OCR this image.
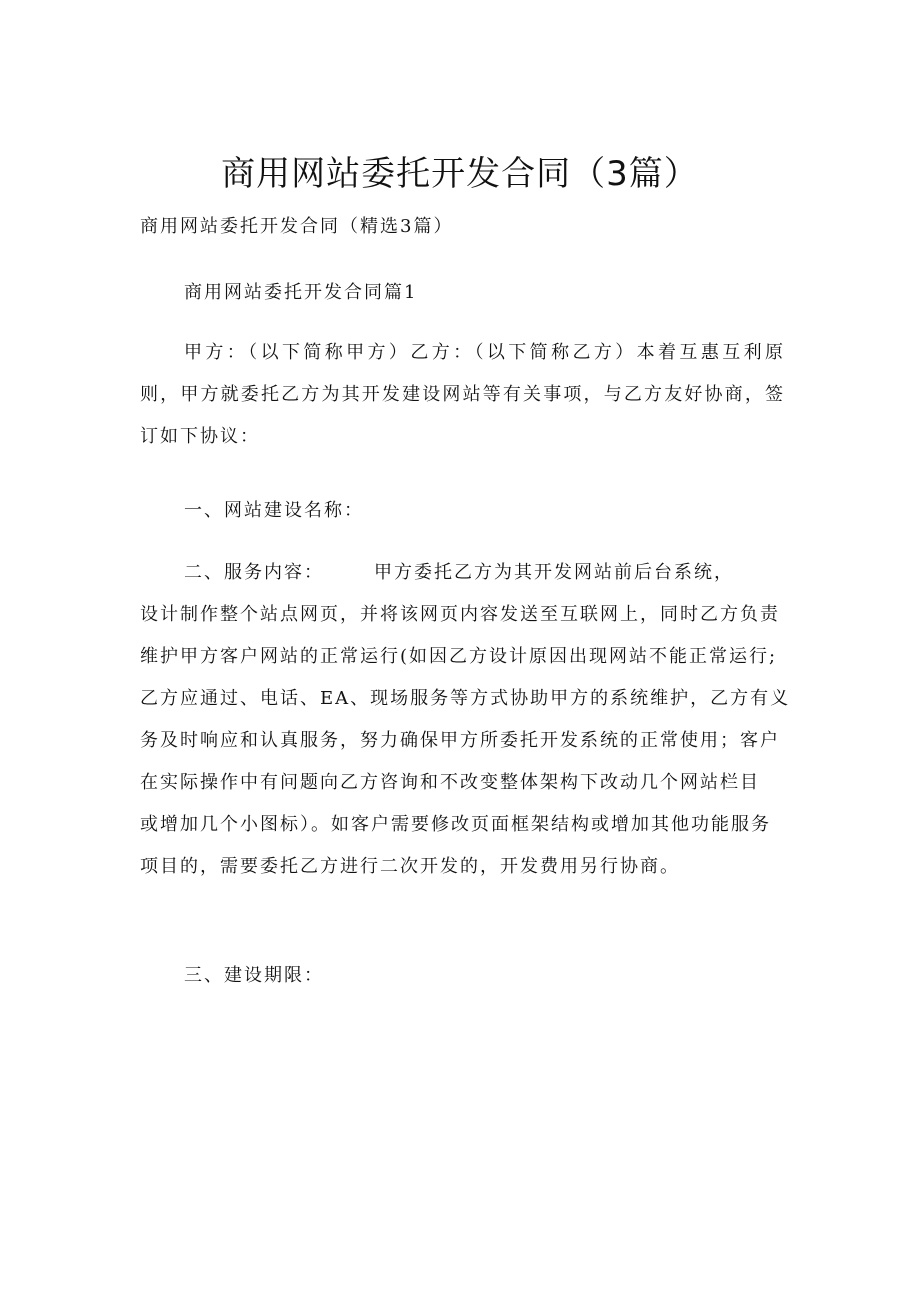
商用网站委托开发合同（3篇）
商用网站委托开发合同（精选3篇）
商用网站委托开发合同篇1
甲方：（以下简称甲方）乙方：（以下简称乙方）本着互惠互利原则，甲方就委托乙方为其开发建设网站等有关事项，与乙方友好协商，签订如下协议：
一、网站建设名称：
二、服务内容：	甲方委托乙方为其开发网站前后台系统，
设计制作整个站点网页，并将该网页内容发送至互联网上，同时乙方负责
维护甲方客户网站的正常运行(如因乙方设计原因出现网站不能正常运行;
乙方应通过、电话、EA、现场服务等方式协助甲方的系统维护，乙方有义
务及时响应和认真服务，努力确保甲方所委托开发系统的正常使用；客户
在实际操作中有问题向乙方咨询和不改变整体架构下改动几个网站栏目
或增加几个小图标）。如客户需要修改页面框架结构或增加其他功能服务
项目的，需要委托乙方进行二次开发的，开发费用另行协商。
三、建设期限：
